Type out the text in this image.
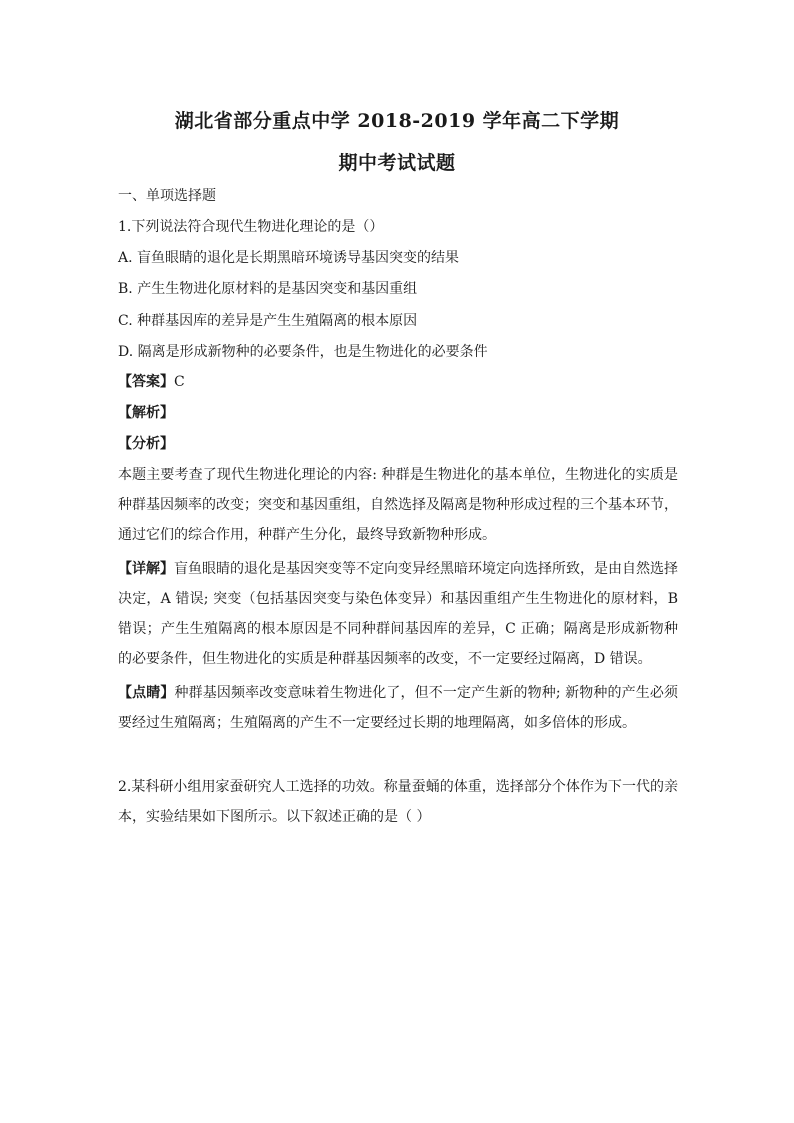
湖北省部分重点中学 2018-2019 学年高二下学期
期中考试试题
一、单项选择题
1.下列说法符合现代生物进化理论的是（）
A. 盲鱼眼睛的退化是长期黑暗环境诱导基因突变的结果
B. 产生生物进化原材料的是基因突变和基因重组
C. 种群基因库的差异是产生生殖隔离的根本原因
D. 隔离是形成新物种的必要条件，也是生物进化的必要条件
【答案】C
【解析】
【分析】
本题主要考查了现代生物进化理论的内容: 种群是生物进化的基本单位，生物进化的实质是种群基因频率的改变；突变和基因重组，自然选择及隔离是物种形成过程的三个基本环节，通过它们的综合作用，种群产生分化，最终导致新物种形成。
【详解】盲鱼眼睛的退化是基因突变等不定向变异经黑暗环境定向选择所致，是由自然选择决定，A 错误; 突变（包括基因突变与染色体变异）和基因重组产生生物进化的原材料，B 错误；产生生殖隔离的根本原因是不同种群间基因库的差异，C 正确；隔离是形成新物种的必要条件，但生物进化的实质是种群基因频率的改变，不一定要经过隔离，D 错误。
【点睛】种群基因频率改变意味着生物进化了，但不一定产生新的物种; 新物种的产生必须要经过生殖隔离；生殖隔离的产生不一定要经过长期的地理隔离，如多倍体的形成。
2.某科研小组用家蚕研究人工选择的功效。称量蚕蛹的体重，选择部分个体作为下一代的亲本，实验结果如下图所示。以下叙述正确的是（ ）
